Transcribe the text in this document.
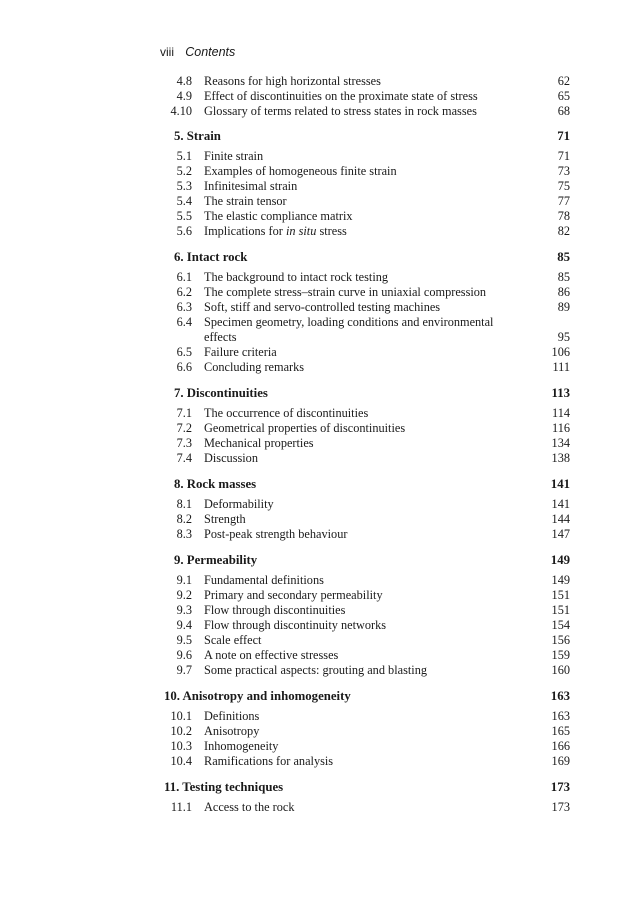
viii Contents
4.8 Reasons for high horizontal stresses	62
4.9 Effect of discontinuities on the proximate state of stress	65
4.10 Glossary of terms related to stress states in rock masses	68
5. Strain	71
5.1 Finite strain	71
5.2 Examples of homogeneous finite strain	73
5.3 Infinitesimal strain	75
5.4 The strain tensor	77
5.5 The elastic compliance matrix	78
5.6 Implications for in situ stress	82
6. Intact rock	85
6.1 The background to intact rock testing	85
6.2 The complete stress–strain curve in uniaxial compression	86
6.3 Soft, stiff and servo-controlled testing machines	89
6.4 Specimen geometry, loading conditions and environmental
effects	95
6.5 Failure criteria	106
6.6 Concluding remarks	111
7. Discontinuities	113
7.1 The occurrence of discontinuities	114
7.2 Geometrical properties of discontinuities	116
7.3 Mechanical properties	134
7.4 Discussion	138
8. Rock masses	141
8.1 Deformability	141
8.2 Strength	144
8.3 Post-peak strength behaviour	147
9. Permeability	149
9.1 Fundamental definitions	149
9.2 Primary and secondary permeability	151
9.3 Flow through discontinuities	151
9.4 Flow through discontinuity networks	154
9.5 Scale effect	156
9.6 A note on effective stresses	159
9.7 Some practical aspects: grouting and blasting	160
10. Anisotropy and inhomogeneity	163
10.1 Definitions	163
10.2 Anisotropy	165
10.3 Inhomogeneity	166
10.4 Ramifications for analysis	169
11. Testing techniques	173
11.1 Access to the rock	173
